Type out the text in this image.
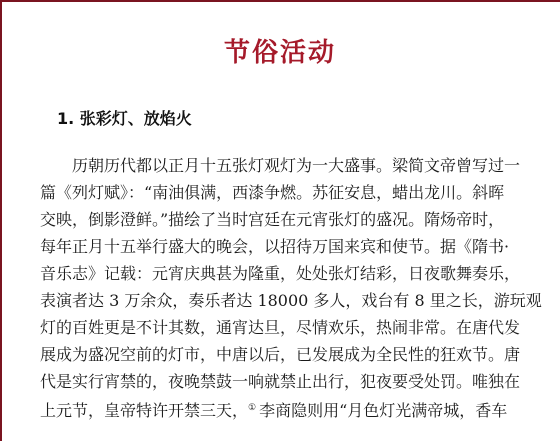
节俗活动
1. 张彩灯、放焰火
历朝历代都以正月十五张灯观灯为一大盛事。梁简文帝曾写过一
篇《列灯赋》：“南油俱满，西漆争燃。苏征安息，蜡出龙川。斜晖
交映，倒影澄鲜。”描绘了当时宫廷在元宵张灯的盛况。隋炀帝时，
每年正月十五举行盛大的晚会，以招待万国来宾和使节。据《隋书·
音乐志》记载：元宵庆典甚为隆重，处处张灯结彩，日夜歌舞奏乐，
表演者达 3 万余众，奏乐者达 18000 多人，戏台有 8 里之长，游玩观
灯的百姓更是不计其数，通宵达旦，尽情欢乐，热闹非常。在唐代发
展成为盛况空前的灯市，中唐以后，已发展成为全民性的狂欢节。唐
代是实行宵禁的，夜晚禁鼓一响就禁止出行，犯夜要受处罚。唯独在
上元节，皇帝特许开禁三天，① 李商隐则用“月色灯光满帝城，香车
